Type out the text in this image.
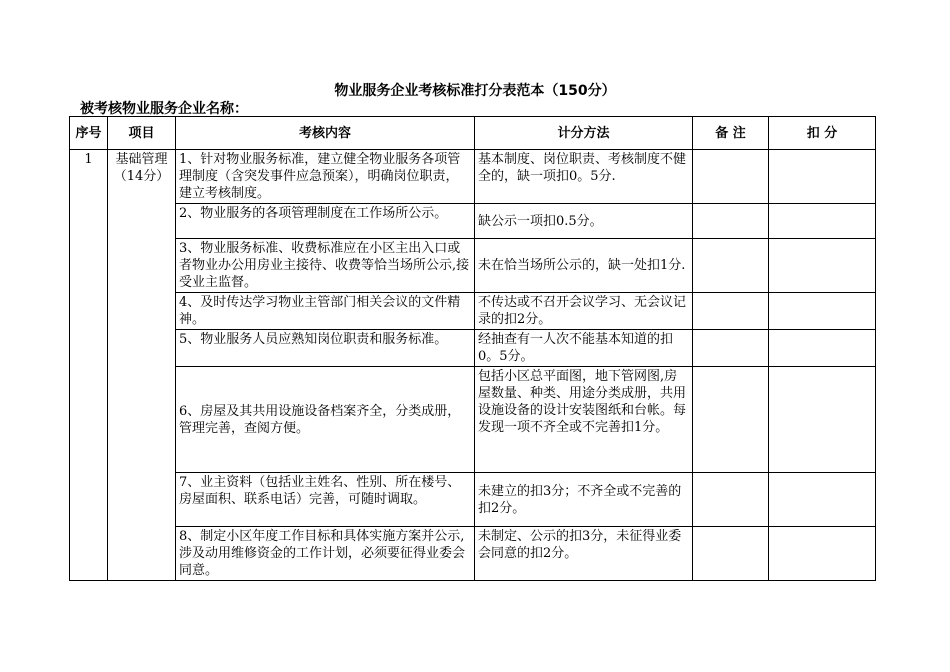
物业服务企业考核标准打分表范本（150分）
被考核物业服务企业名称：
序号	项目	考核内容	计分方法	备 注	扣 分
1	基础管理（14分）	1、针对物业服务标准，建立健全物业服务各项管理制度（含突发事件应急预案），明确岗位职责，建立考核制度。	基本制度、岗位职责、考核制度不健全的，缺一项扣0。5分.		
		2、物业服务的各项管理制度在工作场所公示。	缺公示一项扣0.5分。		
		3、物业服务标准、收费标准应在小区主出入口或者物业办公用房业主接待、收费等恰当场所公示,接受业主监督。	未在恰当场所公示的，缺一处扣1分.		
		4、及时传达学习物业主管部门相关会议的文件精神。	不传达或不召开会议学习、无会议记录的扣2分。		
		5、物业服务人员应熟知岗位职责和服务标准。	经抽查有一人次不能基本知道的扣0。5分。		
		6、房屋及其共用设施设备档案齐全，分类成册，管理完善，查阅方便。	包括小区总平面图，地下管网图,房屋数量、种类、用途分类成册，共用设施设备的设计安装图纸和台帐。每发现一项不齐全或不完善扣1分。		
		7、业主资料（包括业主姓名、性别、所在楼号、房屋面积、联系电话）完善，可随时调取。	未建立的扣3分；不齐全或不完善的扣2分。		
		8、制定小区年度工作目标和具体实施方案并公示,涉及动用维修资金的工作计划，必须要征得业委会同意。	未制定、公示的扣3分，未征得业委会同意的扣2分。		
